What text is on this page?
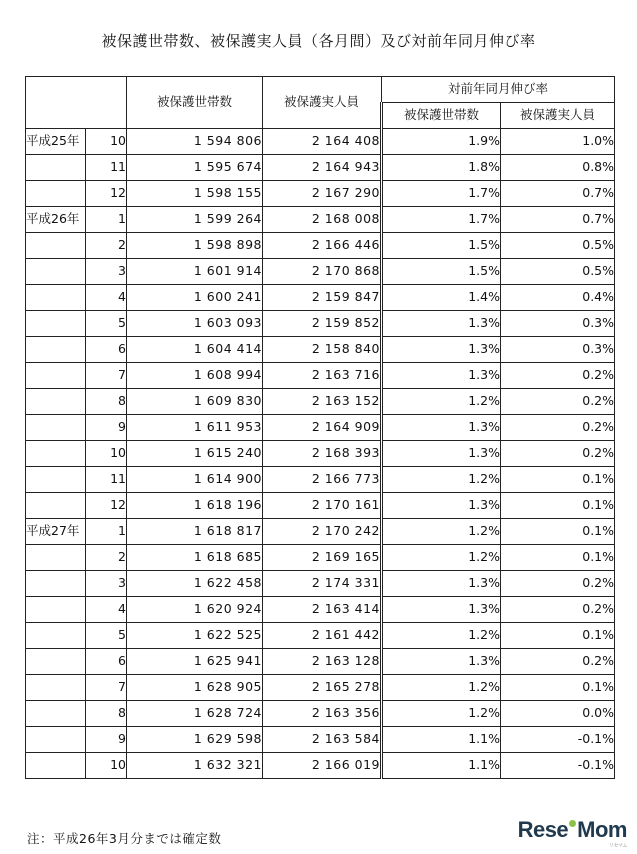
被保護世帯数、被保護実人員（各月間）及び対前年同月伸び率
		被保護世帯数	被保護実人員	対前年同月伸び率	
				被保護世帯数	被保護実人員
平成25年	10	1 594 806	2 164 408	1.9%	1.0%
	11	1 595 674	2 164 943	1.8%	0.8%
	12	1 598 155	2 167 290	1.7%	0.7%
平成26年	1	1 599 264	2 168 008	1.7%	0.7%
	2	1 598 898	2 166 446	1.5%	0.5%
	3	1 601 914	2 170 868	1.5%	0.5%
	4	1 600 241	2 159 847	1.4%	0.4%
	5	1 603 093	2 159 852	1.3%	0.3%
	6	1 604 414	2 158 840	1.3%	0.3%
	7	1 608 994	2 163 716	1.3%	0.2%
	8	1 609 830	2 163 152	1.2%	0.2%
	9	1 611 953	2 164 909	1.3%	0.2%
	10	1 615 240	2 168 393	1.3%	0.2%
	11	1 614 900	2 166 773	1.2%	0.1%
	12	1 618 196	2 170 161	1.3%	0.1%
平成27年	1	1 618 817	2 170 242	1.2%	0.1%
	2	1 618 685	2 169 165	1.2%	0.1%
	3	1 622 458	2 174 331	1.3%	0.2%
	4	1 620 924	2 163 414	1.3%	0.2%
	5	1 622 525	2 161 442	1.2%	0.1%
	6	1 625 941	2 163 128	1.3%	0.2%
	7	1 628 905	2 165 278	1.2%	0.1%
	8	1 628 724	2 163 356	1.2%	0.0%
	9	1 629 598	2 163 584	1.1%	-0.1%
	10	1 632 321	2 166 019	1.1%	-0.1%
注：平成26年3月分までは確定数	Rese Mom
リセマム
